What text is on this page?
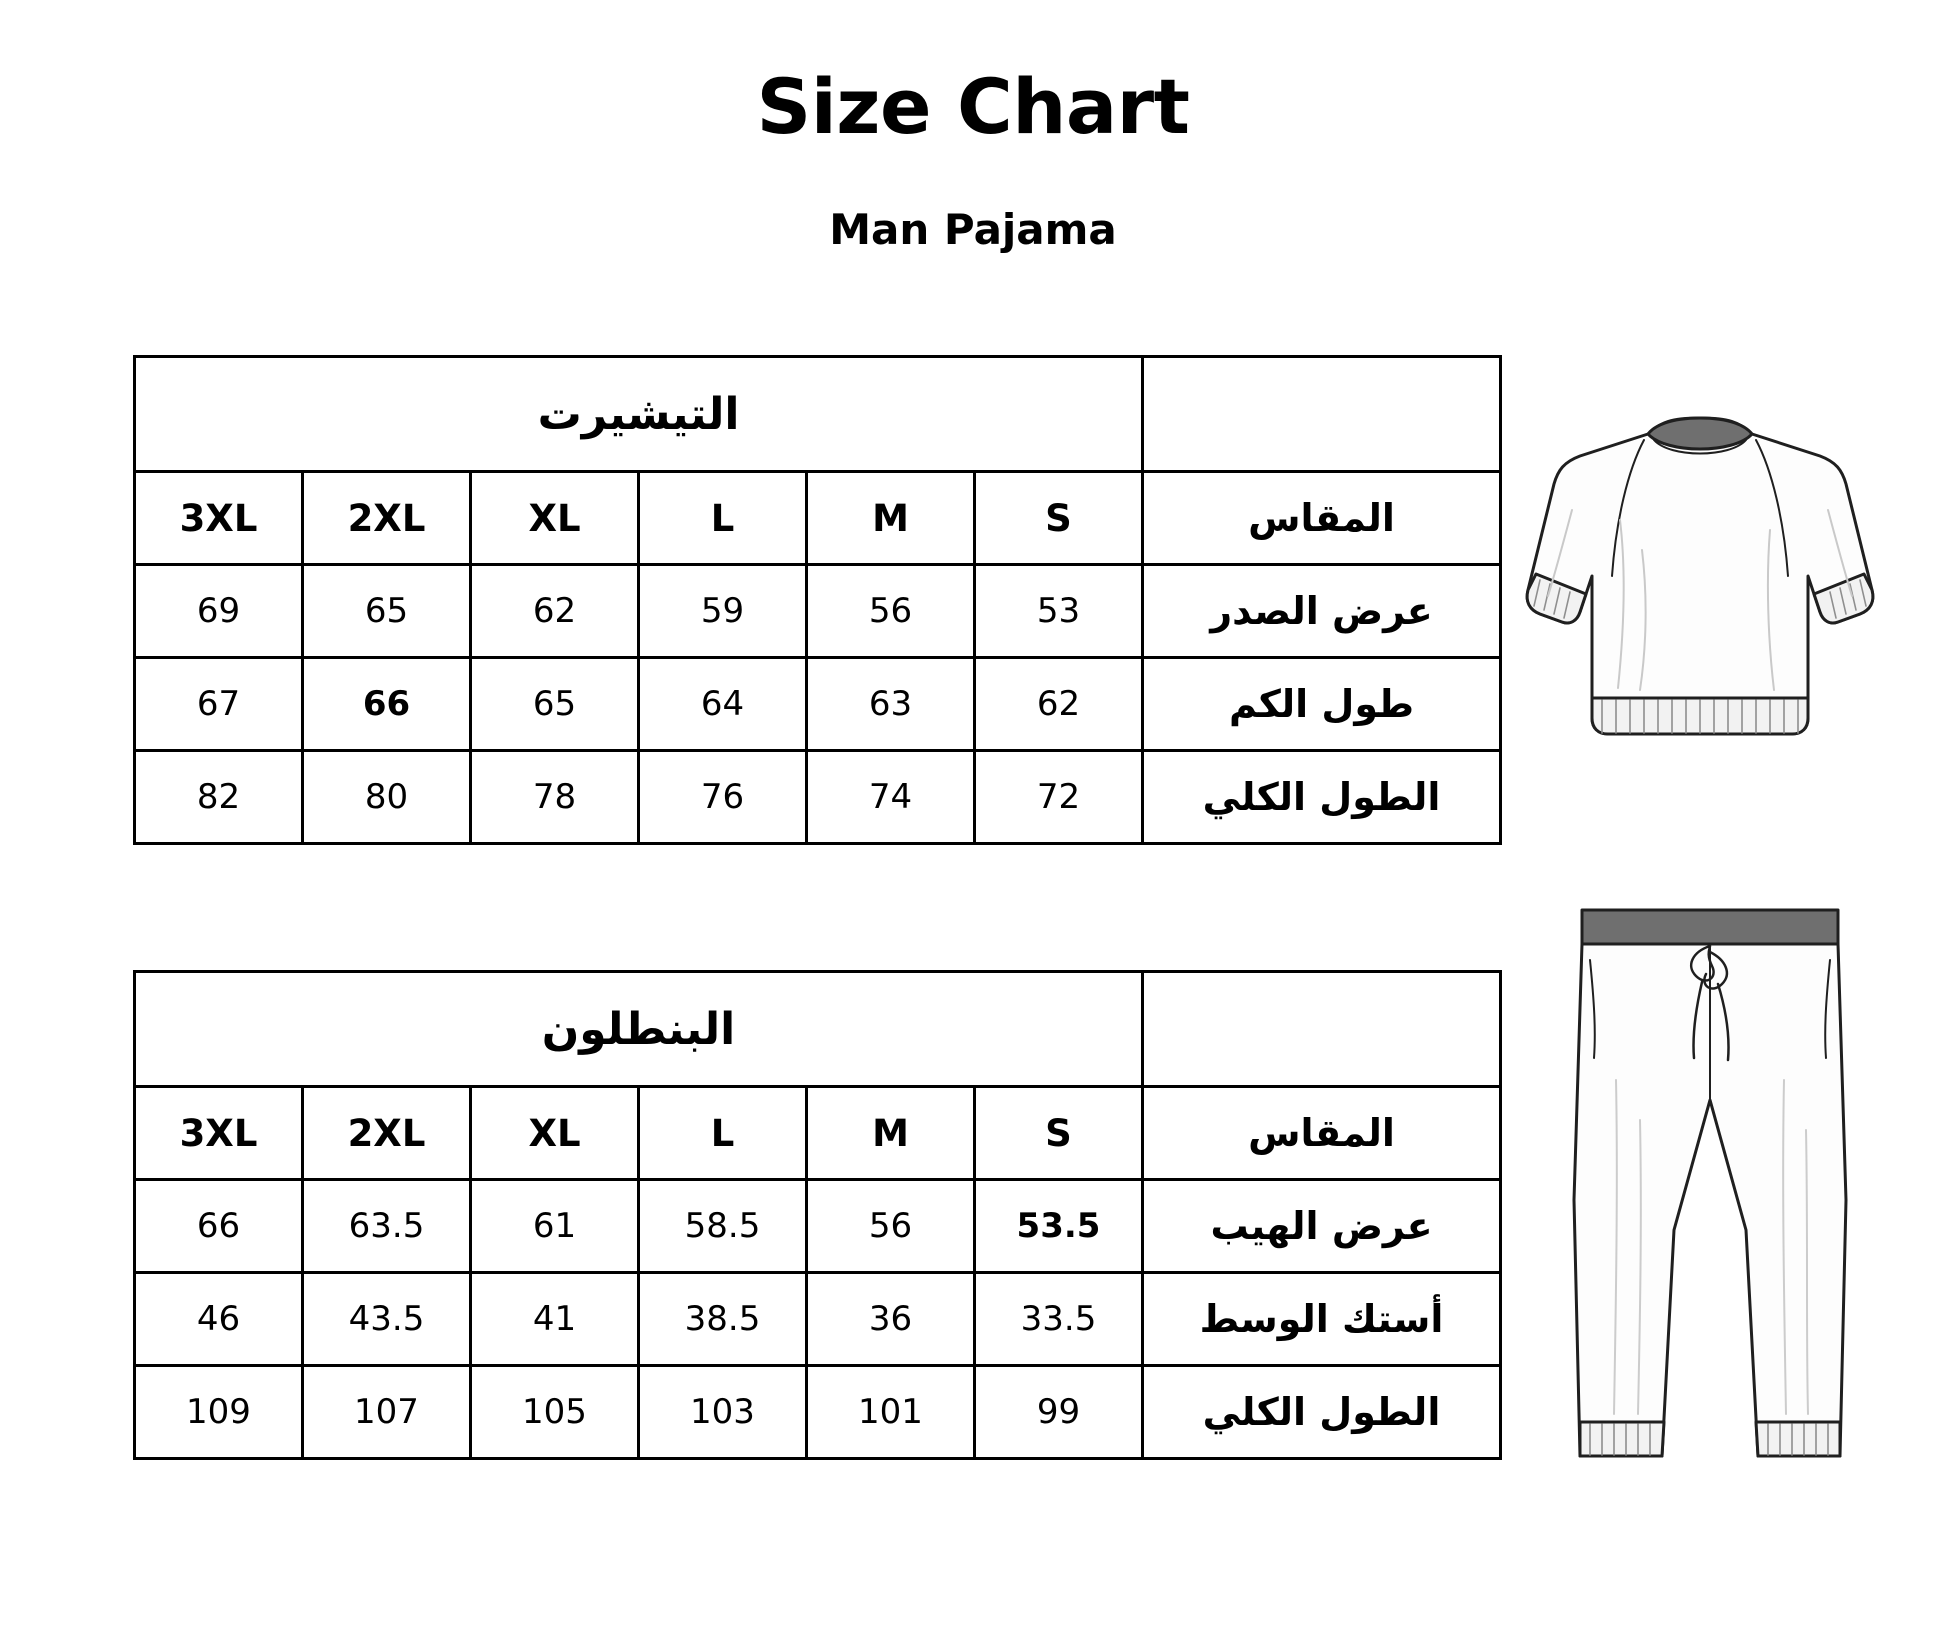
Size Chart
Man Pajama
التيشيرت						
3XL	2XL	XL	L	M	S	المقاس
69	65	62	59	56	53	عرض الصدر
67	66	65	64	63	62	طول الكم
82	80	78	76	74	72	الطول الكلي
البنطلون						
3XL	2XL	XL	L	M	S	المقاس
66	63.5	61	58.5	56	53.5	عرض الهيب
46	43.5	41	38.5	36	33.5	أستك الوسط
109	107	105	103	101	99	الطول الكلي
